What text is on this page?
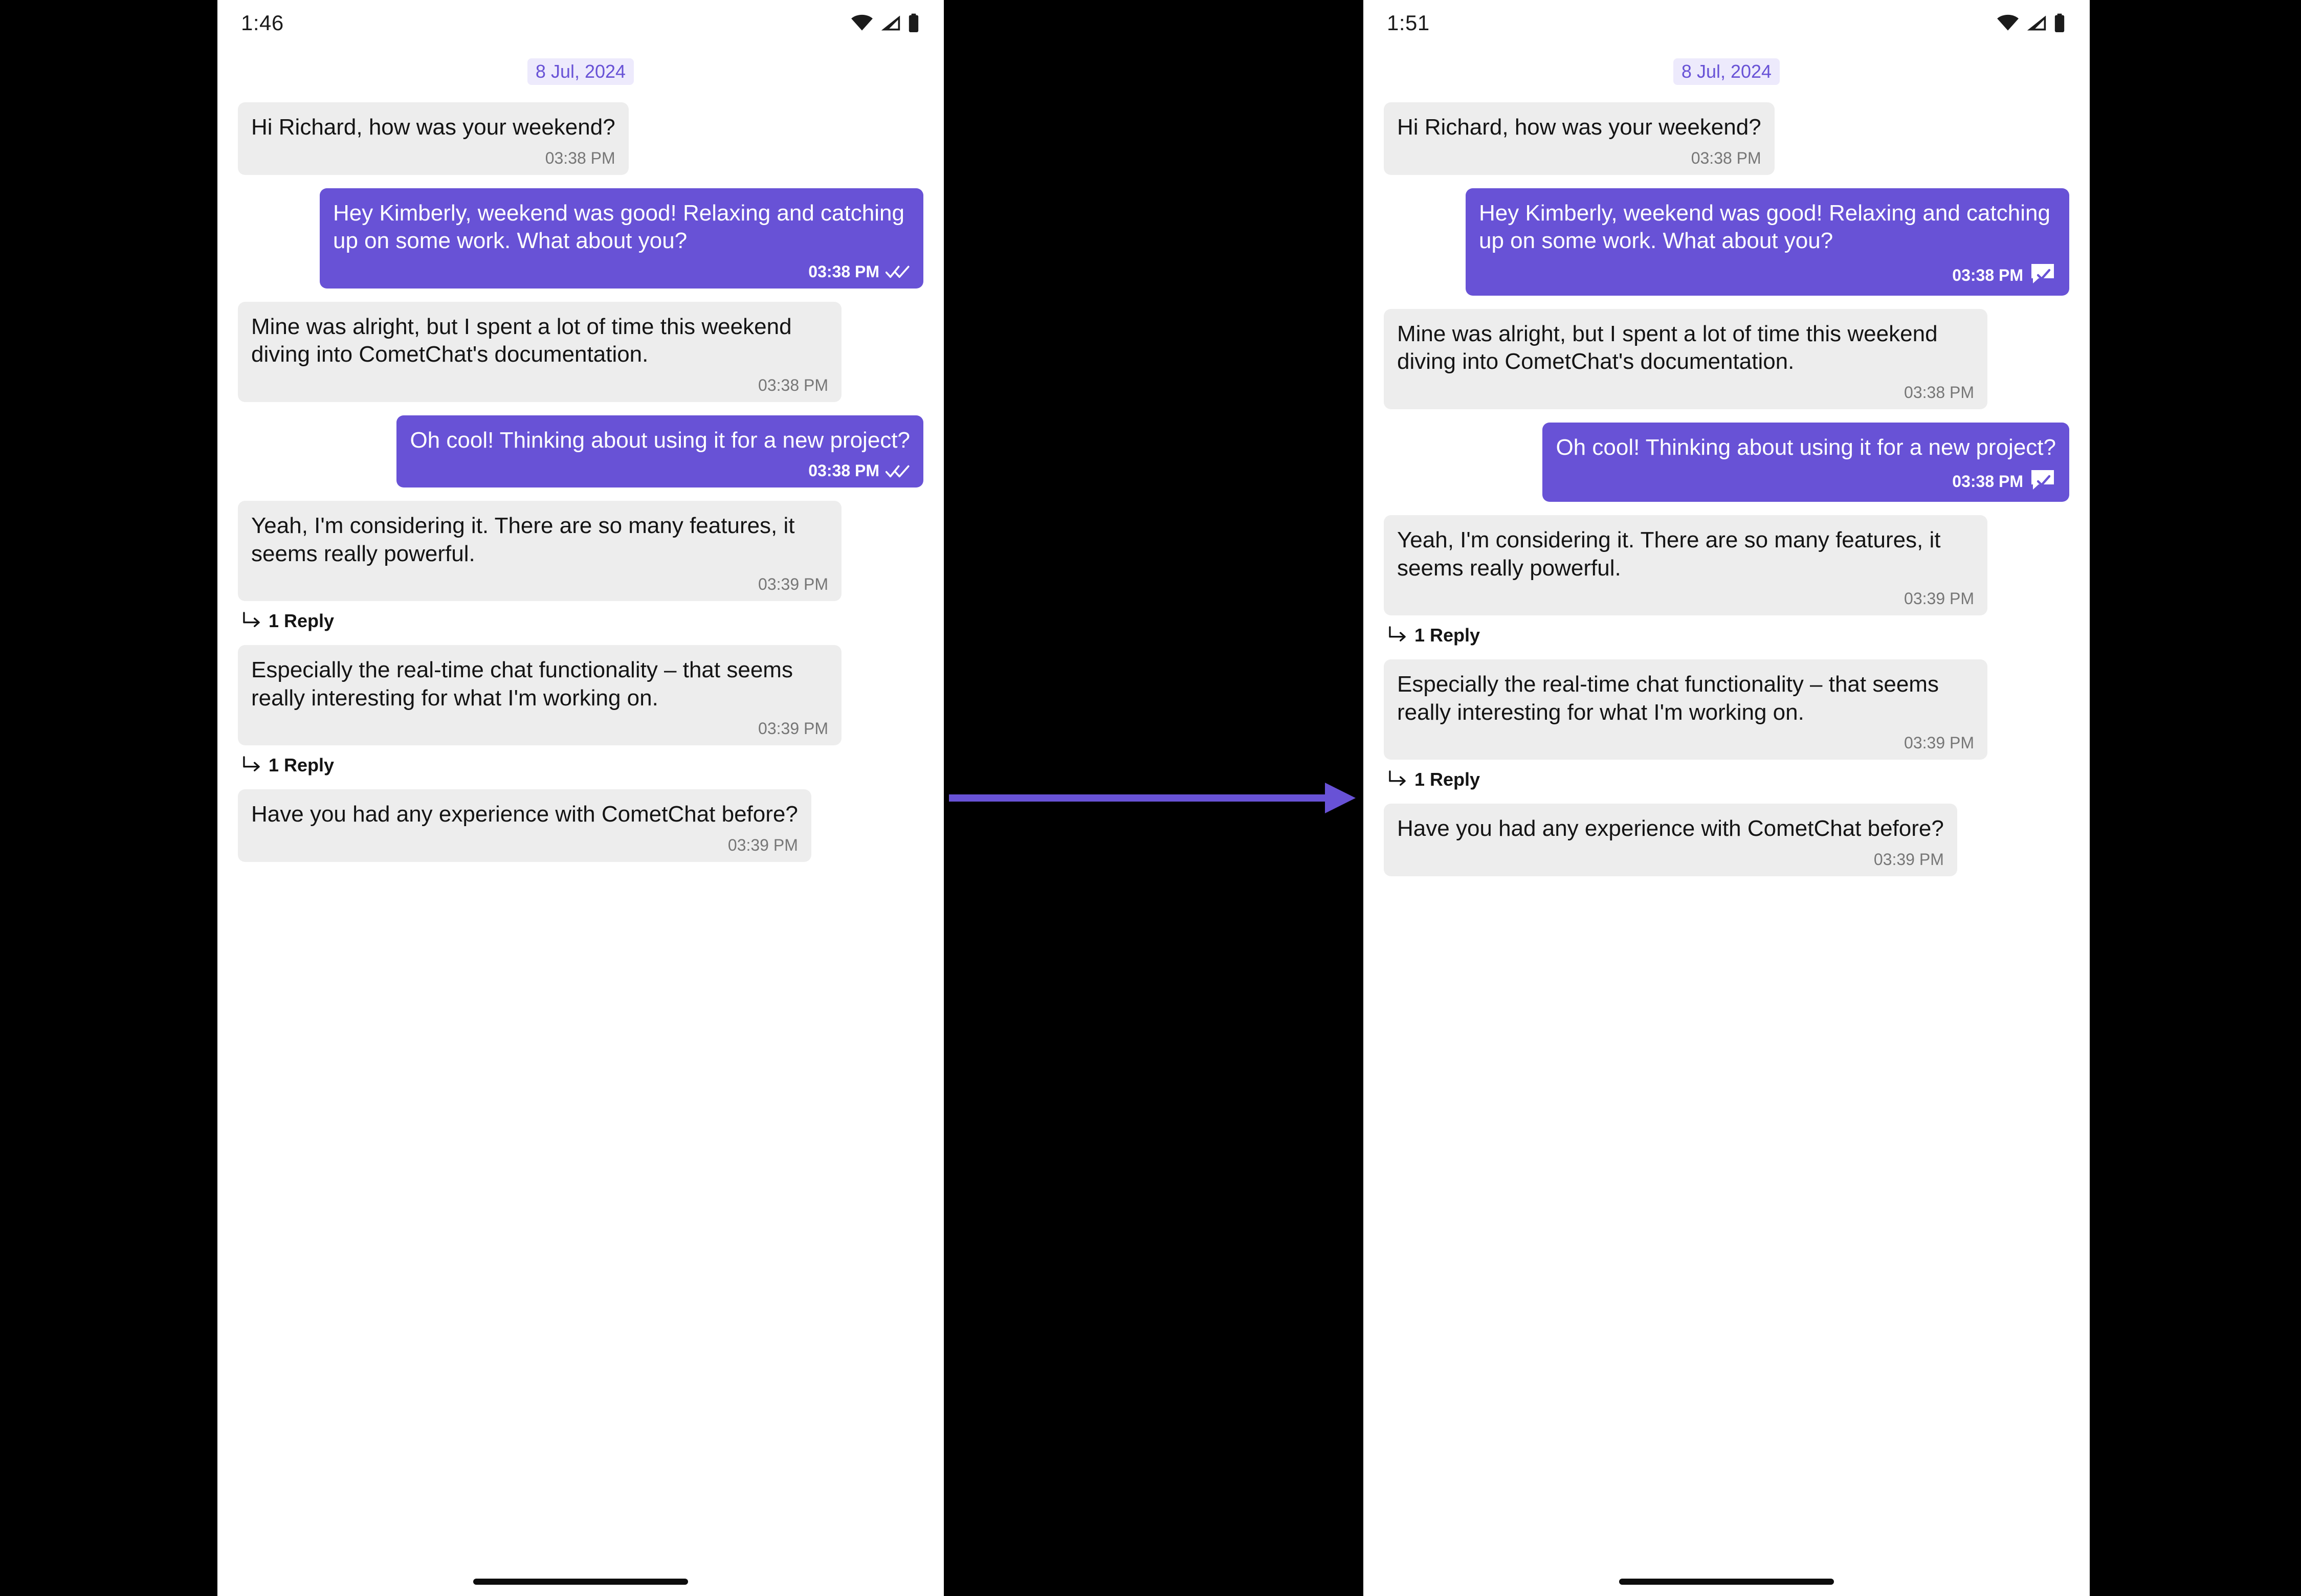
1:46
8 Jul, 2024
Hi Richard, how was your weekend?
03:38 PM
Hey Kimberly, weekend was good! Relaxing and catching up on some work. What about you?
03:38 PM
Mine was alright, but I spent a lot of time this weekend diving into CometChat's documentation.
03:38 PM
Oh cool! Thinking about using it for a new project?
03:38 PM
Yeah, I'm considering it. There are so many features, it seems really powerful.
03:39 PM
1 Reply
Especially the real-time chat functionality – that seems really interesting for what I'm working on.
03:39 PM
1 Reply
Have you had any experience with CometChat before?
03:39 PM
1:51
8 Jul, 2024
Hi Richard, how was your weekend?
03:38 PM
Hey Kimberly, weekend was good! Relaxing and catching up on some work. What about you?
03:38 PM
Mine was alright, but I spent a lot of time this weekend diving into CometChat's documentation.
03:38 PM
Oh cool! Thinking about using it for a new project?
03:38 PM
Yeah, I'm considering it. There are so many features, it seems really powerful.
03:39 PM
1 Reply
Especially the real-time chat functionality – that seems really interesting for what I'm working on.
03:39 PM
1 Reply
Have you had any experience with CometChat before?
03:39 PM
